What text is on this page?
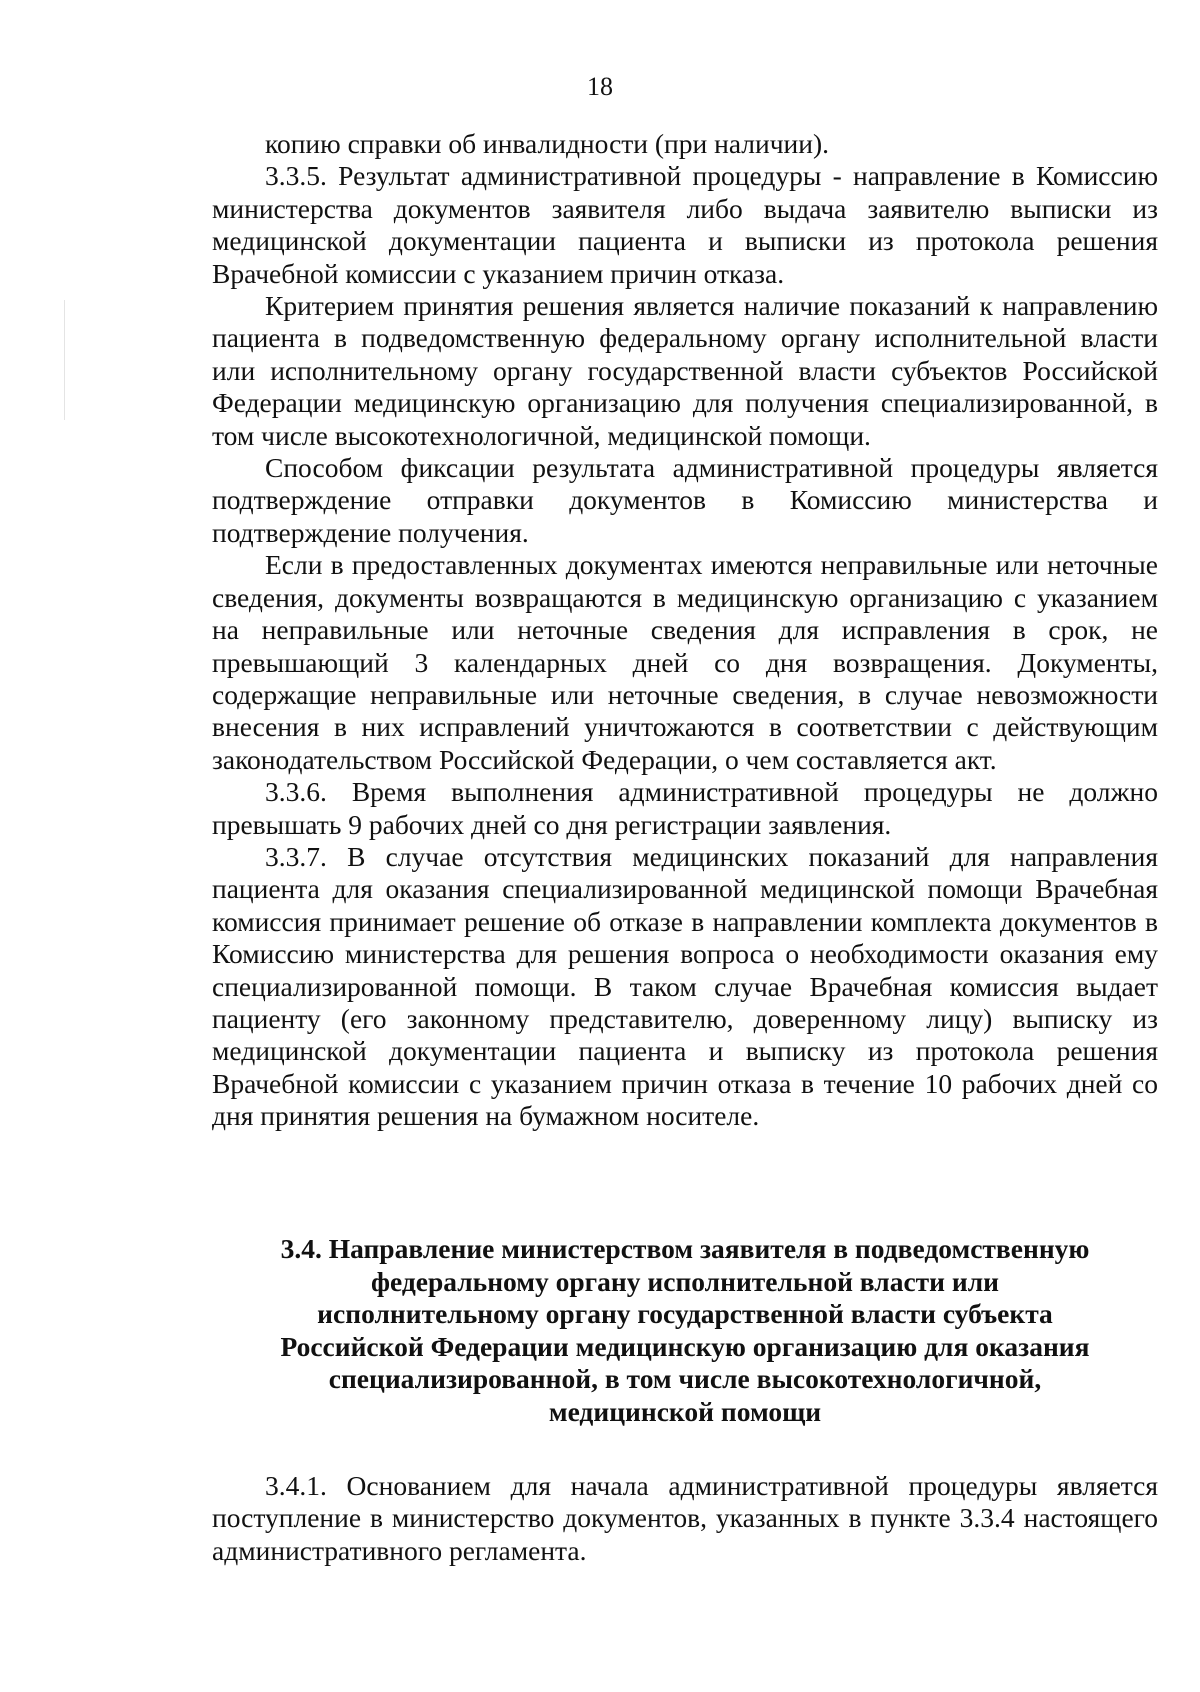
18

копию справки об инвалидности (при наличии).

3.3.5. Результат административной процедуры - направление в Комиссию министерства документов заявителя либо выдача заявителю выписки из медицинской документации пациента и выписки из протокола решения Врачебной комиссии с указанием причин отказа.

Критерием принятия решения является наличие показаний к направлению пациента в подведомственную федеральному органу исполнительной власти или исполнительному органу государственной власти субъектов Российской Федерации медицинскую организацию для получения специализированной, в том числе высокотехнологичной, медицинской помощи.

Способом фиксации результата административной процедуры является подтверждение отправки документов в Комиссию министерства и подтверждение получения.

Если в предоставленных документах имеются неправильные или неточные сведения, документы возвращаются в медицинскую организацию с указанием на неправильные или неточные сведения для исправления в срок, не превышающий 3 календарных дней со дня возвращения. Документы, содержащие неправильные или неточные сведения, в случае невозможности внесения в них исправлений уничтожаются в соответствии с действующим законодательством Российской Федерации, о чем составляется акт.

3.3.6. Время выполнения административной процедуры не должно превышать 9 рабочих дней со дня регистрации заявления.

3.3.7. В случае отсутствия медицинских показаний для направления пациента для оказания специализированной медицинской помощи Врачебная комиссия принимает решение об отказе в направлении комплекта документов в Комиссию министерства для решения вопроса о необходимости оказания ему специализированной помощи. В таком случае Врачебная комиссия выдает пациенту (его законному представителю, доверенному лицу) выписку из медицинской документации пациента и выписку из протокола решения Врачебной комиссии с указанием причин отказа в течение 10 рабочих дней со дня принятия решения на бумажном носителе.

3.4. Направление министерством заявителя в подведомственную
федеральному органу исполнительной власти или
исполнительному органу государственной власти субъекта
Российской Федерации медицинскую организацию для оказания
специализированной, в том числе высокотехнологичной,
медицинской помощи

3.4.1. Основанием для начала административной процедуры является поступление в министерство документов, указанных в пункте 3.3.4 настоящего административного регламента.
